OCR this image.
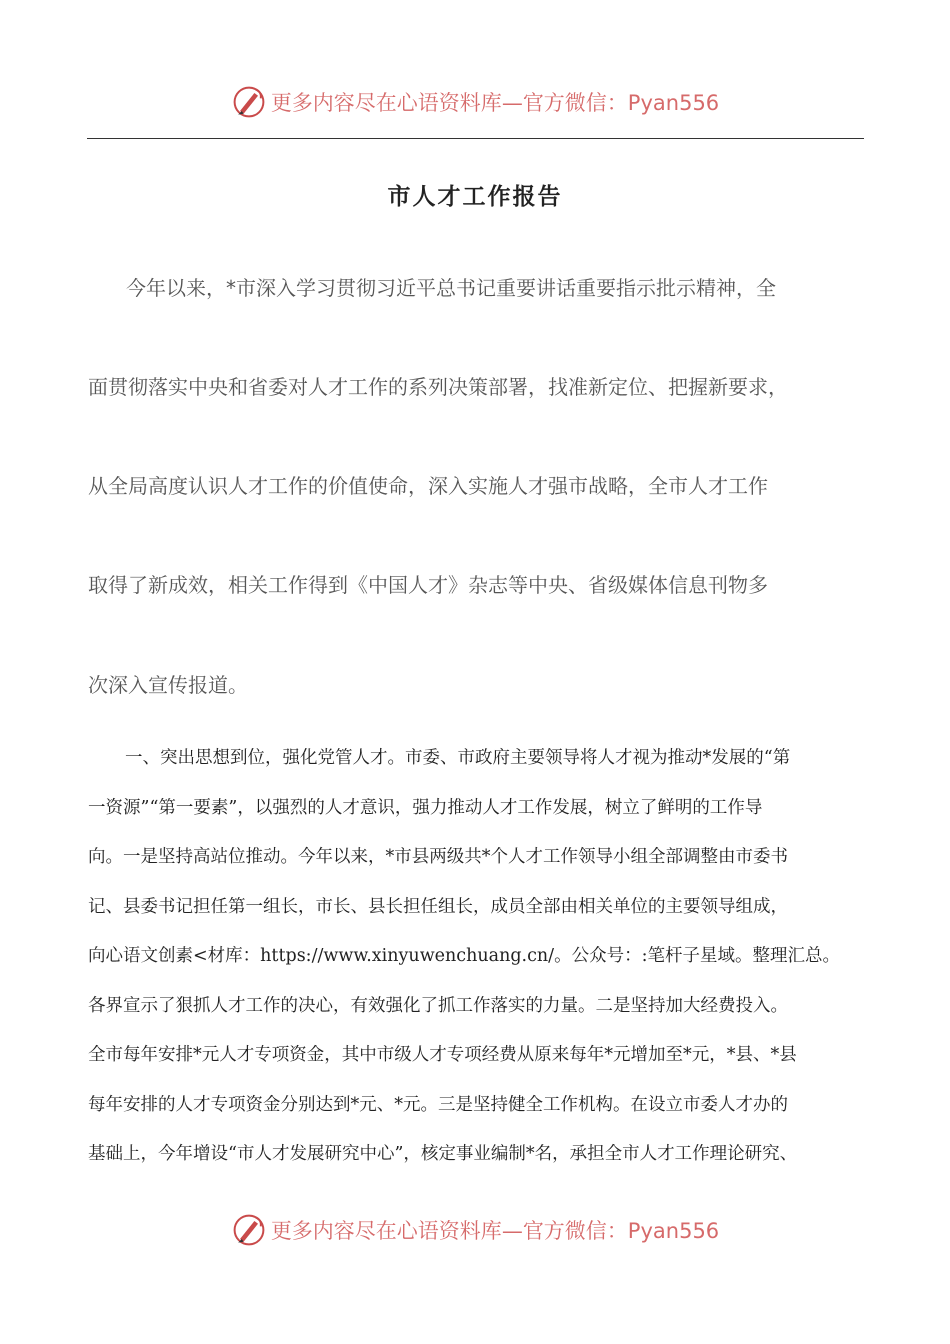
更多内容尽在心语资料库 —官方微信：Pyan556
市人才工作报告
今年以来，*市深入学习贯彻习近平总书记重要讲话重要指示批示精神，全
面贯彻落实中央和省委对人才工作的系列决策部署，找准新定位、把握新要求，
从全局高度认识人才工作的价值使命，深入实施人才强市战略，全市人才工作
取得了新成效，相关工作得到《中国人才》杂志等中央、省级媒体信息刊物多
次深入宣传报道。
一、突出思想到位，强化党管人才。市委、市政府主要领导将人才视为推动*发展的“第
一资源”“第一要素”，以强烈的人才意识，强力推动人才工作发展，树立了鲜明的工作导
向。一是坚持高站位推动。今年以来，*市县两级共*个人才工作领导小组全部调整由市委书
记、县委书记担任第一组长，市长、县长担任组长，成员全部由相关单位的主要领导组成，
向心语文创素<材库：https://www.xinyuwenchuang.cn/。公众号：:笔杆子星域。整理汇总。
各界宣示了狠抓人才工作的决心，有效强化了抓工作落实的力量。二是坚持加大经费投入。
全市每年安排*元人才专项资金，其中市级人才专项经费从原来每年*元增加至*元，*县、*县
每年安排的人才专项资金分别达到*元、*元。三是坚持健全工作机构。在设立市委人才办的
基础上，今年增设“市人才发展研究中心”，核定事业编制*名，承担全市人才工作理论研究、
更多内容尽在心语资料库 —官方微信：Pyan556
